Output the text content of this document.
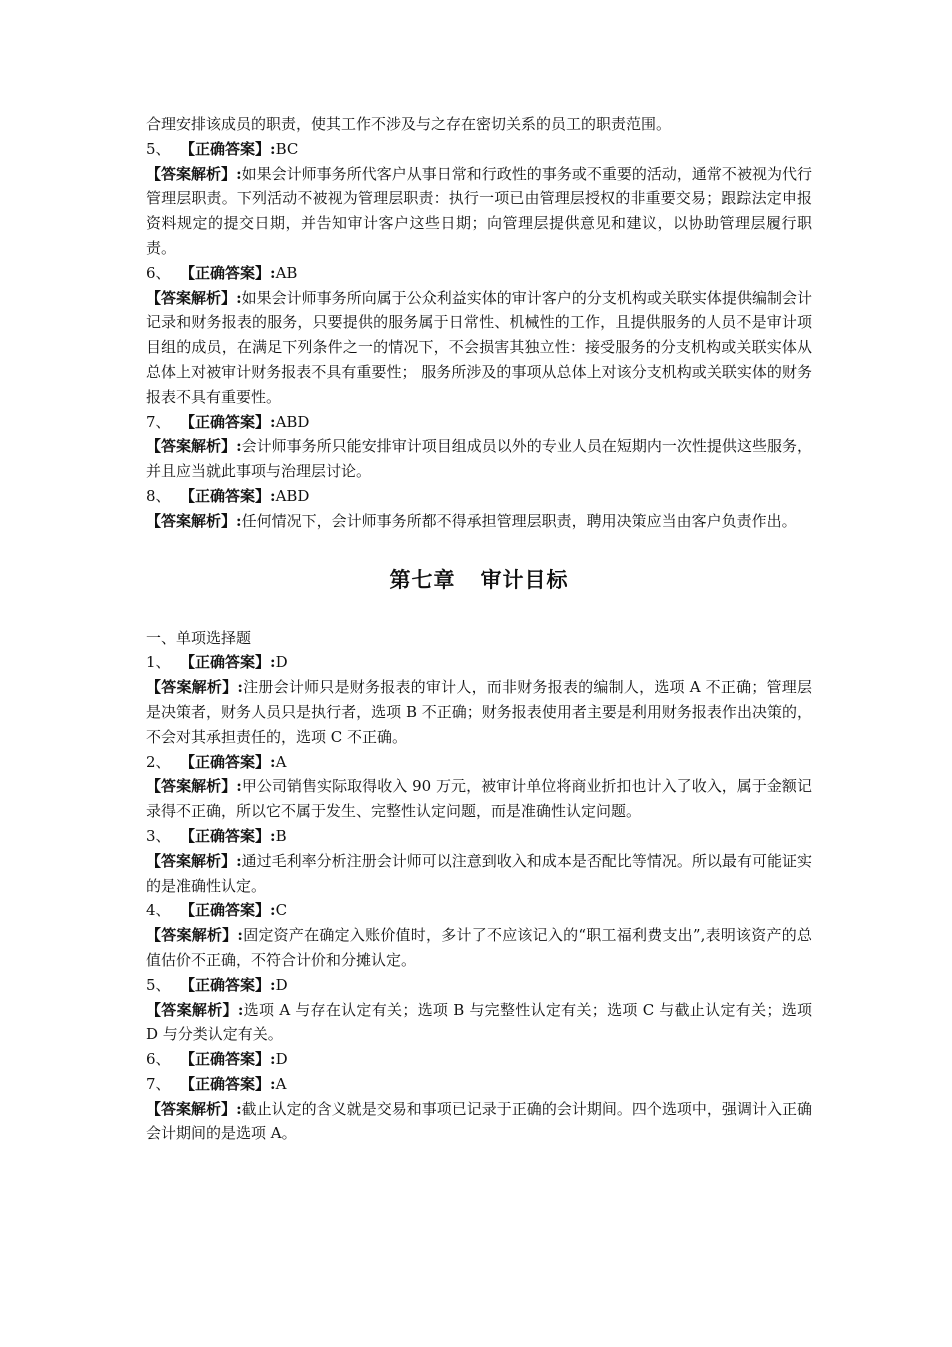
合理安排该成员的职责，使其工作不涉及与之存在密切关系的员工的职责范围。

5、 【正确答案】:BC

【答案解析】:如果会计师事务所代客户从事日常和行政性的事务或不重要的活动，通常不被视为代行管理层职责。下列活动不被视为管理层职责：执行一项已由管理层授权的非重要交易；跟踪法定申报资料规定的提交日期，并告知审计客户这些日期；向管理层提供意见和建议，以协助管理层履行职责。

6、 【正确答案】:AB

【答案解析】:如果会计师事务所向属于公众利益实体的审计客户的分支机构或关联实体提供编制会计记录和财务报表的服务，只要提供的服务属于日常性、机械性的工作，且提供服务的人员不是审计项目组的成员，在满足下列条件之一的情况下，不会损害其独立性：接受服务的分支机构或关联实体从总体上对被审计财务报表不具有重要性； 服务所涉及的事项从总体上对该分支机构或关联实体的财务报表不具有重要性。

7、 【正确答案】:ABD

【答案解析】:会计师事务所只能安排审计项目组成员以外的专业人员在短期内一次性提供这些服务，并且应当就此事项与治理层讨论。

8、 【正确答案】:ABD

【答案解析】:任何情况下，会计师事务所都不得承担管理层职责，聘用决策应当由客户负责作出。

第七章   审计目标

一、单项选择题

1、 【正确答案】:D

【答案解析】:注册会计师只是财务报表的审计人，而非财务报表的编制人，选项 A 不正确；管理层是决策者，财务人员只是执行者，选项 B 不正确；财务报表使用者主要是利用财务报表作出决策的，不会对其承担责任的，选项 C 不正确。

2、 【正确答案】:A

【答案解析】:甲公司销售实际取得收入 90 万元，被审计单位将商业折扣也计入了收入，属于金额记录得不正确，所以它不属于发生、完整性认定问题，而是准确性认定问题。

3、 【正确答案】:B

【答案解析】:通过毛利率分析注册会计师可以注意到收入和成本是否配比等情况。所以最有可能证实的是准确性认定。

4、 【正确答案】:C

【答案解析】:固定资产在确定入账价值时，多计了不应该记入的“职工福利费支出”,表明该资产的总值估价不正确，不符合计价和分摊认定。

5、 【正确答案】:D

【答案解析】:选项 A 与存在认定有关；选项 B 与完整性认定有关；选项 C 与截止认定有关；选项 D 与分类认定有关。

6、 【正确答案】:D

7、 【正确答案】:A

【答案解析】:截止认定的含义就是交易和事项已记录于正确的会计期间。四个选项中，强调计入正确会计期间的是选项 A。
